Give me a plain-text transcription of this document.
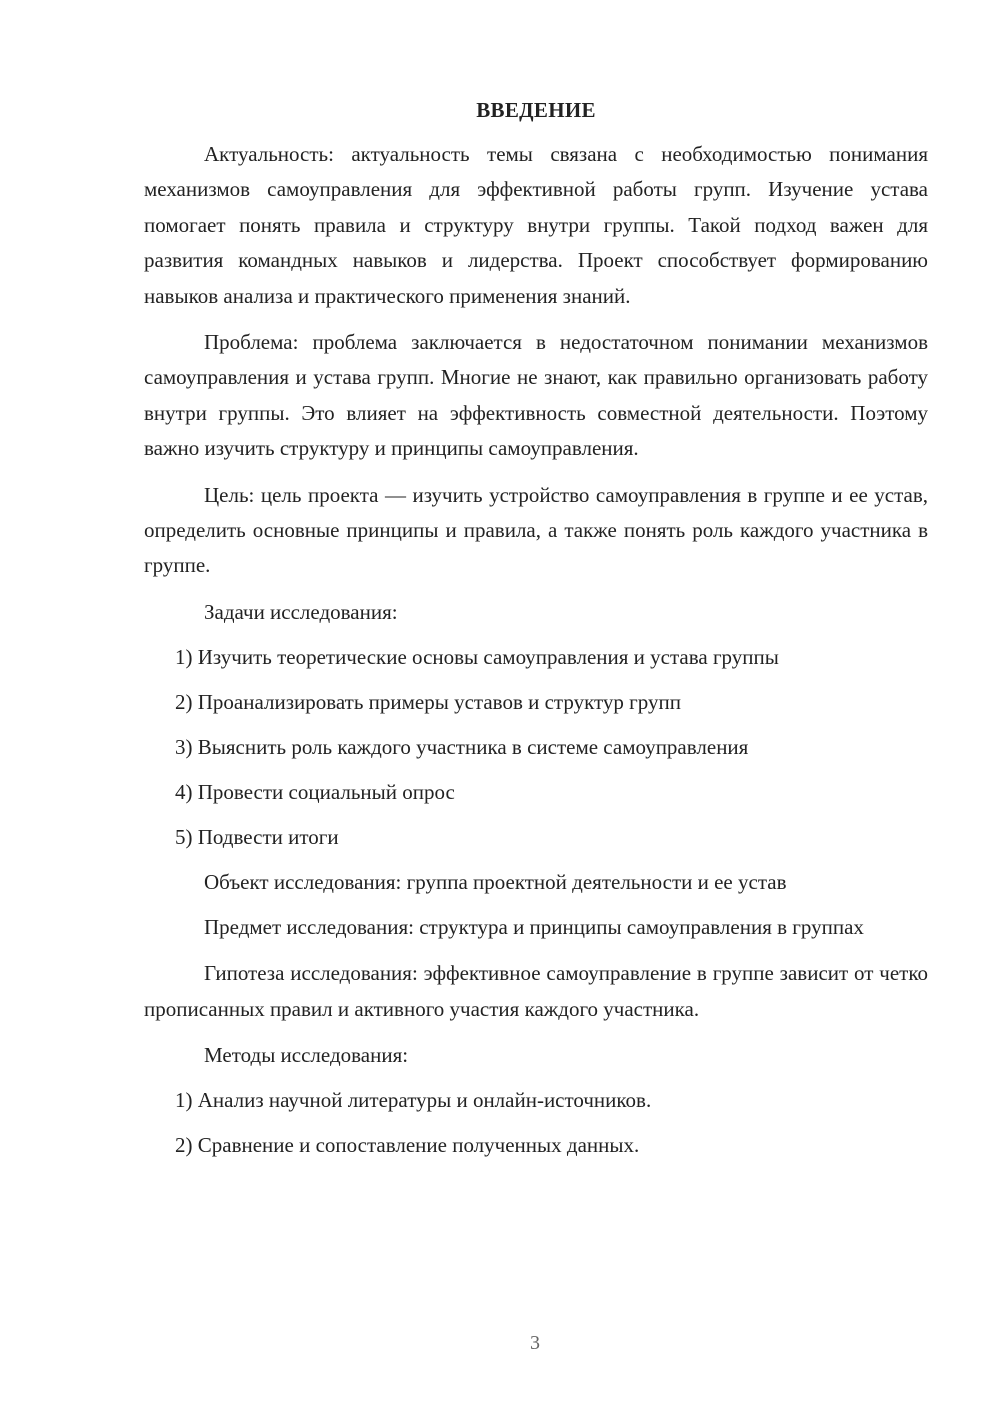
ВВЕДЕНИЕ

Актуальность: актуальность темы связана с необходимостью понимания механизмов самоуправления для эффективной работы групп. Изучение устава помогает понять правила и структуру внутри группы. Такой подход важен для развития командных навыков и лидерства. Проект способствует формированию навыков анализа и практического применения знаний.

Проблема: проблема заключается в недостаточном понимании механизмов самоуправления и устава групп. Многие не знают, как правильно организовать работу внутри группы. Это влияет на эффективность совместной деятельности. Поэтому важно изучить структуру и принципы самоуправления.

Цель: цель проекта — изучить устройство самоуправления в группе и ее устав, определить основные принципы и правила, а также понять роль каждого участника в группе.

Задачи исследования:
1) Изучить теоретические основы самоуправления и устава группы
2) Проанализировать примеры уставов и структур групп
3) Выяснить роль каждого участника в системе самоуправления
4) Провести социальный опрос
5) Подвести итоги
Объект исследования: группа проектной деятельности и ее устав

Предмет исследования: структура и принципы самоуправления в группах

Гипотеза исследования: эффективное самоуправление в группе зависит от четко прописанных правил и активного участия каждого участника.

Методы исследования:
1) Анализ научной литературы и онлайн-источников.
2) Сравнение и сопоставление полученных данных.
3
